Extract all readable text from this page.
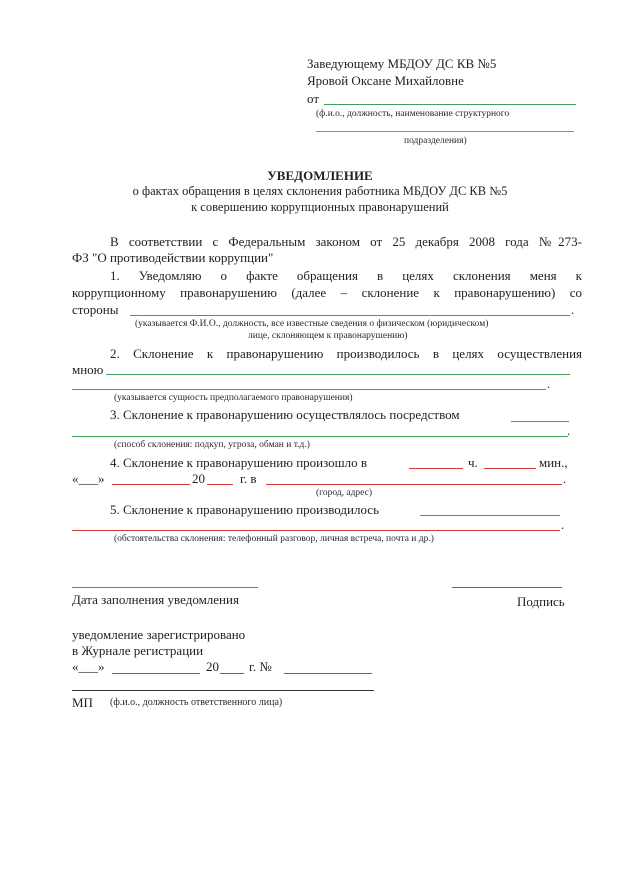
Заведующему МБДОУ ДС КВ №5
Яровой Оксане Михайловне
от
(ф.и.о., должность, наименование структурного
подразделения)
УВЕДОМЛЕНИЕ
о фактах обращения в целях склонения работника МБДОУ ДС КВ №5
к совершению коррупционных правонарушений
В соответствии с Федеральным законом от 25 декабря 2008 года №273-
ФЗ "О противодействии коррупции"
1. Уведомляю о факте обращения в целях склонения меня к
коррупционному правонарушению (далее – склонение к правонарушению) со
стороны	.
(указывается Ф.И.О., должность, все известные сведения о физическом (юридическом)
лице, склоняющем к правонарушению)
2. Склонение к правонарушению производилось в целях осуществления
мною
.
(указывается сущность предполагаемого правонарушения)
3. Склонение к правонарушению осуществлялось посредством
.
(способ склонения: подкуп, угроза, обман и т.д.)
4. Склонение к правонарушению произошло в	ч.	мин.,
«___»	20	г. в	.
(город, адрес)
5. Склонение к правонарушению производилось
.
(обстоятельства склонения: телефонный разговор, личная встреча, почта и др.)
Дата заполнения уведомления	Подпись
уведомление зарегистрировано
в Журнале регистрации
«___»	20 г. №
МП (ф.и.о., должность ответственного лица)
